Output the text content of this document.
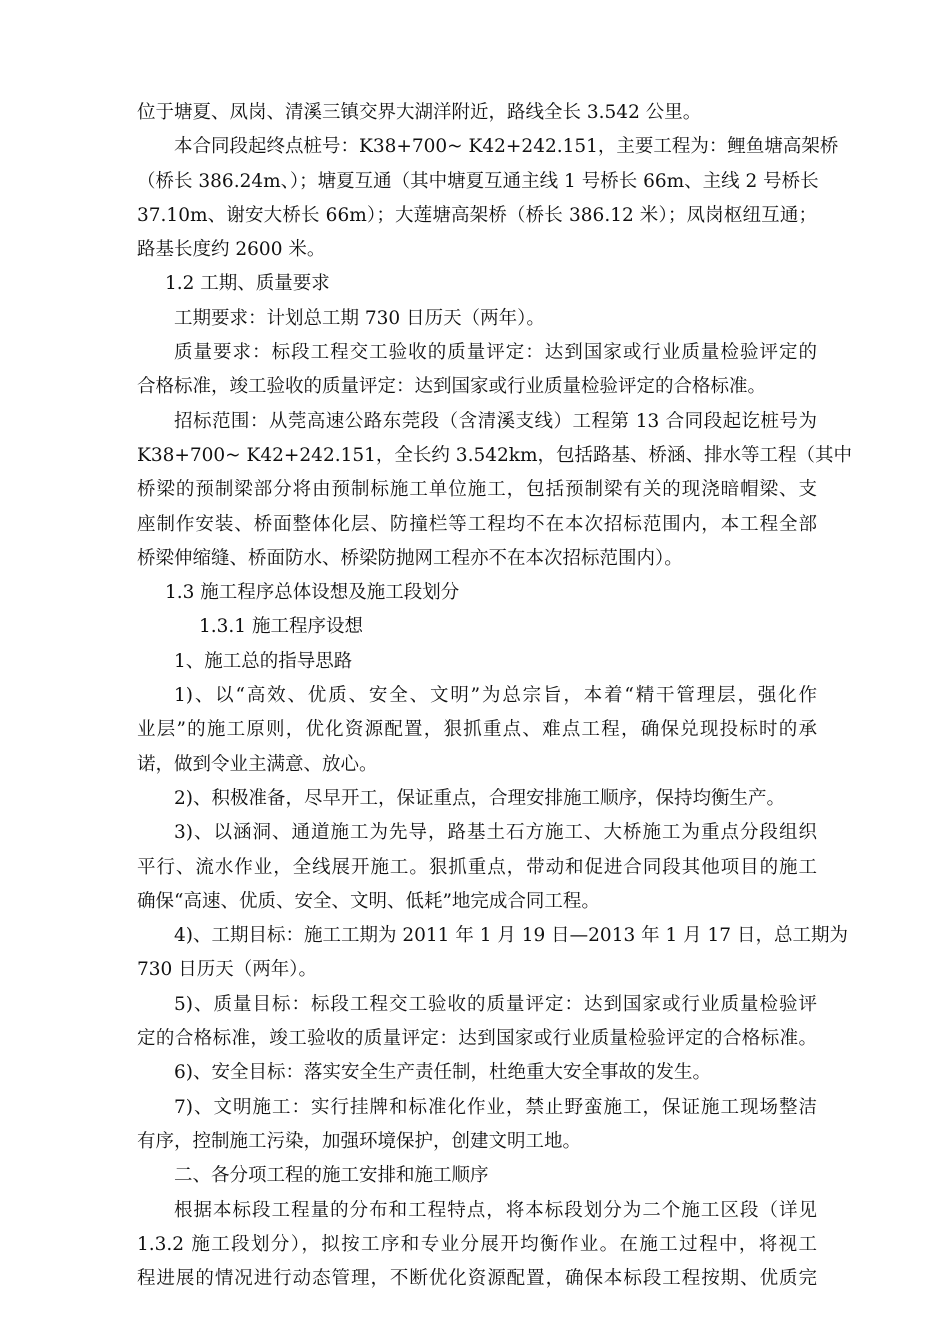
位于塘夏、凤岗、清溪三镇交界大湖洋附近，路线全长 3.542 公里。
本合同段起终点桩号：K38+700~ K42+242.151，主要工程为：鲤鱼塘高架桥
（桥长 386.24m、）；塘夏互通（其中塘夏互通主线 1 号桥长 66m、主线 2 号桥长
37.10m、谢安大桥长 66m）；大莲塘高架桥（桥长 386.12 米）；凤岗枢纽互通；
路基长度约 2600 米。
1.2 工期、质量要求
工期要求：计划总工期 730 日历天（两年）。
质量要求：标段工程交工验收的质量评定：达到国家或行业质量检验评定的
合格标准，竣工验收的质量评定：达到国家或行业质量检验评定的合格标准。
招标范围：从莞高速公路东莞段（含清溪支线）工程第 13 合同段起讫桩号为
K38+700~ K42+242.151，全长约 3.542km，包括路基、桥涵、排水等工程（其中
桥梁的预制梁部分将由预制标施工单位施工，包括预制梁有关的现浇暗帽梁、支
座制作安装、桥面整体化层、防撞栏等工程均不在本次招标范围内，本工程全部
桥梁伸缩缝、桥面防水、桥梁防抛网工程亦不在本次招标范围内）。
1.3 施工程序总体设想及施工段划分
1.3.1 施工程序设想
1、施工总的指导思路
1)、以“高效、优质、安全、文明”为总宗旨，本着“精干管理层，强化作
业层”的施工原则，优化资源配置，狠抓重点、难点工程，确保兑现投标时的承
诺，做到令业主满意、放心。
2)、积极准备，尽早开工，保证重点，合理安排施工顺序，保持均衡生产。
3)、以涵洞、通道施工为先导，路基土石方施工、大桥施工为重点分段组织
平行、流水作业，全线展开施工。狠抓重点，带动和促进合同段其他项目的施工
确保“高速、优质、安全、文明、低耗”地完成合同工程。
4)、工期目标：施工工期为 2011 年 1 月 19 日—2013 年 1 月 17 日，总工期为
730 日历天（两年）。
5)、质量目标：标段工程交工验收的质量评定：达到国家或行业质量检验评
定的合格标准，竣工验收的质量评定：达到国家或行业质量检验评定的合格标准。
6)、安全目标：落实安全生产责任制，杜绝重大安全事故的发生。
7)、文明施工：实行挂牌和标准化作业，禁止野蛮施工，保证施工现场整洁
有序，控制施工污染，加强环境保护，创建文明工地。
二、各分项工程的施工安排和施工顺序
根据本标段工程量的分布和工程特点，将本标段划分为二个施工区段（详见
1.3.2 施工段划分），拟按工序和专业分展开均衡作业。在施工过程中，将视工
程进展的情况进行动态管理，不断优化资源配置，确保本标段工程按期、优质完
